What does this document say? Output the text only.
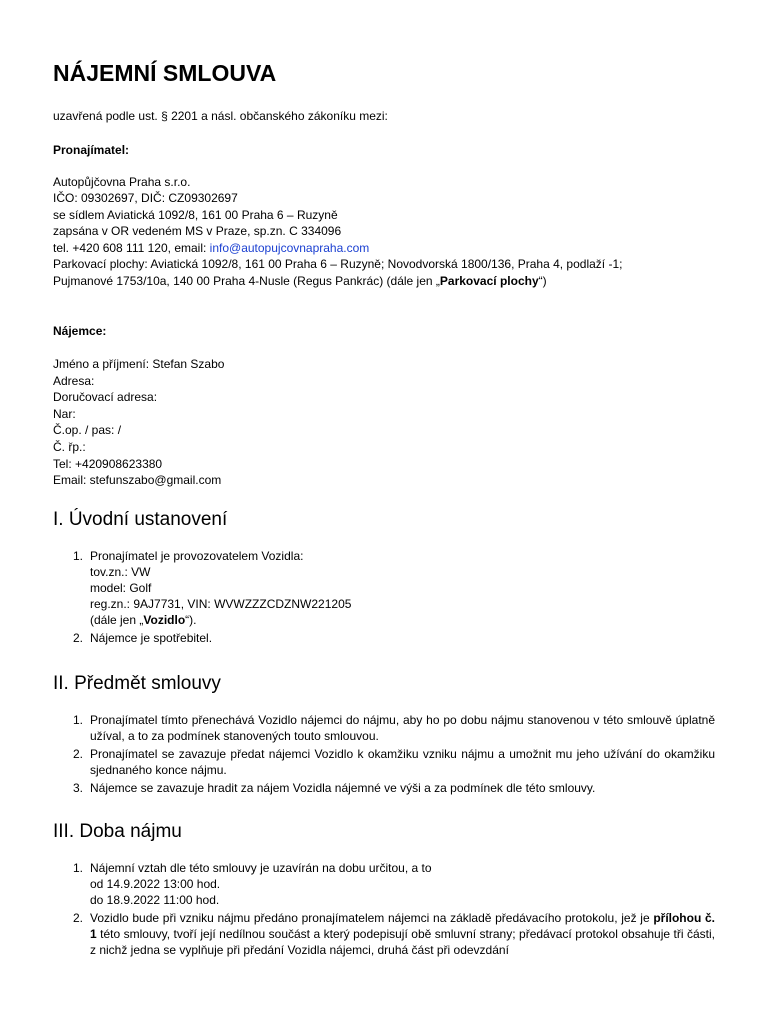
NÁJEMNÍ SMLOUVA
uzavřená podle ust. § 2201 a násl. občanského zákoníku mezi:
Pronajímatel:
Autopůjčovna Praha s.r.o.
IČO: 09302697, DIČ: CZ09302697
se sídlem Aviatická 1092/8, 161 00 Praha 6 – Ruzyně
zapsána v OR vedeném MS v Praze, sp.zn. C 334096
tel. +420 608 111 120, email: info@autopujcovnapraha.com
Parkovací plochy: Aviatická 1092/8, 161 00 Praha 6 – Ruzyně; Novodvorská 1800/136, Praha 4, podlaží -1;
Pujmanové 1753/10a, 140 00 Praha 4-Nusle (Regus Pankrác) (dále jen „Parkovací plochy“)
Nájemce:
Jméno a příjmení: Stefan Szabo
Adresa:
Doručovací adresa:
Nar:
Č.op. / pas: /
Č. řp.:
Tel: +420908623380
Email: stefunszabo@gmail.com
I. Úvodní ustanovení
1. Pronajímatel je provozovatelem Vozidla:
tov.zn.: VW
model: Golf
reg.zn.: 9AJ7731, VIN: WVWZZZCDZNW221205
(dále jen „Vozidlo“).
2. Nájemce je spotřebitel.
II. Předmět smlouvy
1. Pronajímatel tímto přenechává Vozidlo nájemci do nájmu, aby ho po dobu nájmu stanovenou v této smlouvě úplatně užíval, a to za podmínek stanovených touto smlouvou.
2. Pronajímatel se zavazuje předat nájemci Vozidlo k okamžiku vzniku nájmu a umožnit mu jeho užívání do okamžiku sjednaného konce nájmu.
3. Nájemce se zavazuje hradit za nájem Vozidla nájemné ve výši a za podmínek dle této smlouvy.
III. Doba nájmu
1. Nájemní vztah dle této smlouvy je uzavírán na dobu určitou, a to
od 14.9.2022 13:00 hod.
do 18.9.2022 11:00 hod.
2. Vozidlo bude při vzniku nájmu předáno pronajímatelem nájemci na základě předávacího protokolu, jež je přílohou č. 1 této smlouvy, tvoří její nedílnou součást a který podepisují obě smluvní strany; předávací protokol obsahuje tři části, z nichž jedna se vyplňuje při předání Vozidla nájemci, druhá část při odevzdání
